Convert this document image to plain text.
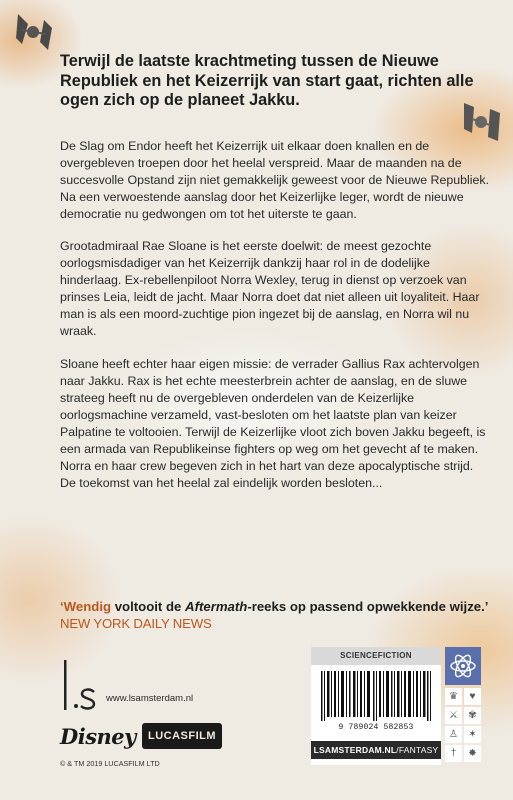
Terwijl de laatste krachtmeting tussen de Nieuwe Republiek en het Keizerrijk van start gaat, richten alle ogen zich op de planeet Jakku.

De Slag om Endor heeft het Keizerrijk uit elkaar doen knallen en de overgebleven troepen door het heelal verspreid. Maar de maanden na de succesvolle Opstand zijn niet gemakkelijk geweest voor de Nieuwe Republiek. Na een verwoestende aanslag door het Keizerlijke leger, wordt de nieuwe democratie nu gedwongen om tot het uiterste te gaan.

Grootadmiraal Rae Sloane is het eerste doelwit: de meest gezochte oorlogsmisdadiger van het Keizerrijk dankzij haar rol in de dodelijke hinderlaag. Ex-rebellenpiloot Norra Wexley, terug in dienst op verzoek van prinses Leia, leidt de jacht. Maar Norra doet dat niet alleen uit loyaliteit. Haar man is als een moord-zuchtige pion ingezet bij de aanslag, en Norra wil nu wraak.

Sloane heeft echter haar eigen missie: de verrader Gallius Rax achtervolgen naar Jakku. Rax is het echte meesterbrein achter de aanslag, en de sluwe strateeg heeft nu de overgebleven onderdelen van de Keizerlijke oorlogsmachine verzameld, vast-besloten om het laatste plan van keizer Palpatine te voltooien. Terwijl de Keizerlijke vloot zich boven Jakku begeeft, is een armada van Republikeinse fighters op weg om het gevecht af te maken. Norra en haar crew begeven zich in het hart van deze apocalyptische strijd. De toekomst van het heelal zal eindelijk worden besloten...

‘Wendig voltooit de Aftermath-reeks op passend opwekkende wijze.’ NEW YORK DAILY NEWS
www.lsamsterdam.nl
Disney	LUCASFILM
© & TM 2019 LUCASFILM LTD
SCIENCEFICTION
9 789024 582853
LSAMSTERDAM.NL/FANTASY
♛	♥
⚔	✾
♙	✶
†	✸
